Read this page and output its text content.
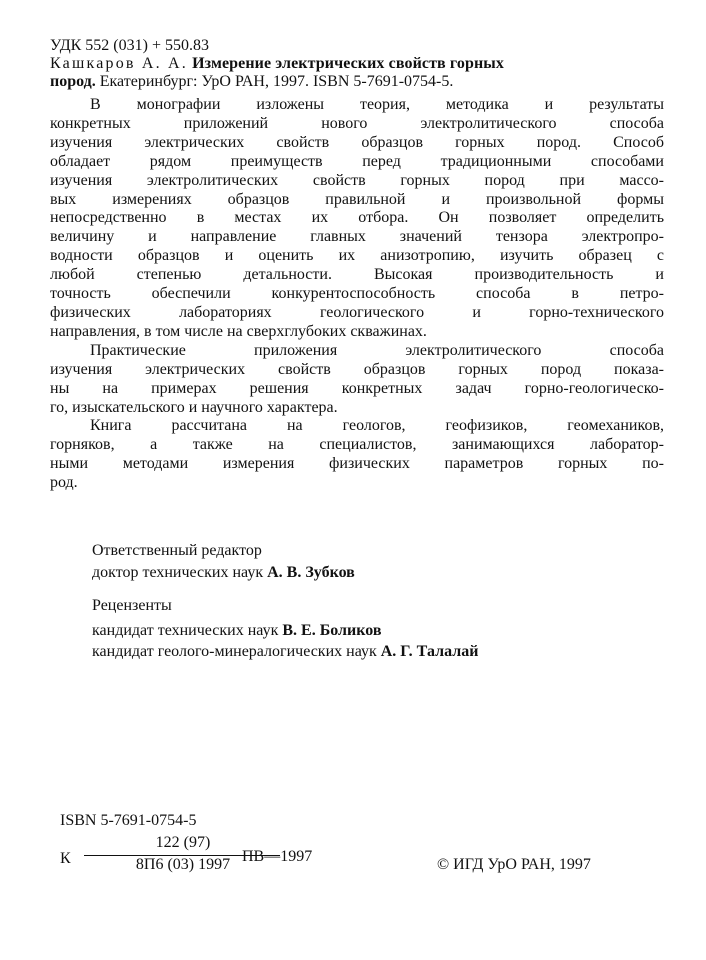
УДК 552 (031) + 550.83
Кашкаров А. А. Измерение электрических свойств горных
пород. Екатеринбург: УрО РАН, 1997. ISBN 5-7691-0754-5.
В монографии изложены теория, методика и результаты
конкретных приложений нового электролитического способа
изучения электрических свойств образцов горных пород. Способ
обладает рядом преимуществ перед традиционными способами
изучения электролитических свойств горных пород при массо-
вых измерениях образцов правильной и произвольной формы
непосредственно в местах их отбора. Он позволяет определить
величину и направление главных значений тензора электропро-
водности образцов и оценить их анизотропию, изучить образец с
любой степенью детальности. Высокая производительность и
точность обеспечили конкурентоспособность способа в петро-
физических лабораториях геологического и горно-технического
направления, в том числе на сверхглубоких скважинах.
Практические приложения электролитического способа
изучения электрических свойств образцов горных пород показа-
ны на примерах решения конкретных задач горно-геологическо-
го, изыскательского и научного характера.
Книга рассчитана на геологов, геофизиков, геомехаников,
горняков, а также на специалистов, занимающихся лаборатор-
ными методами измерения физических параметров горных по-
род.
Ответственный редактор
доктор технических наук А. В. Зубков
Рецензенты
кандидат технических наук В. Е. Боликов
кандидат геолого-минералогических наук А. Г. Талалай
ISBN 5-7691-0754-5
К
122 (97)
8П6 (03) 1997 ПВ—1997	© ИГД УрО РАН, 1997
